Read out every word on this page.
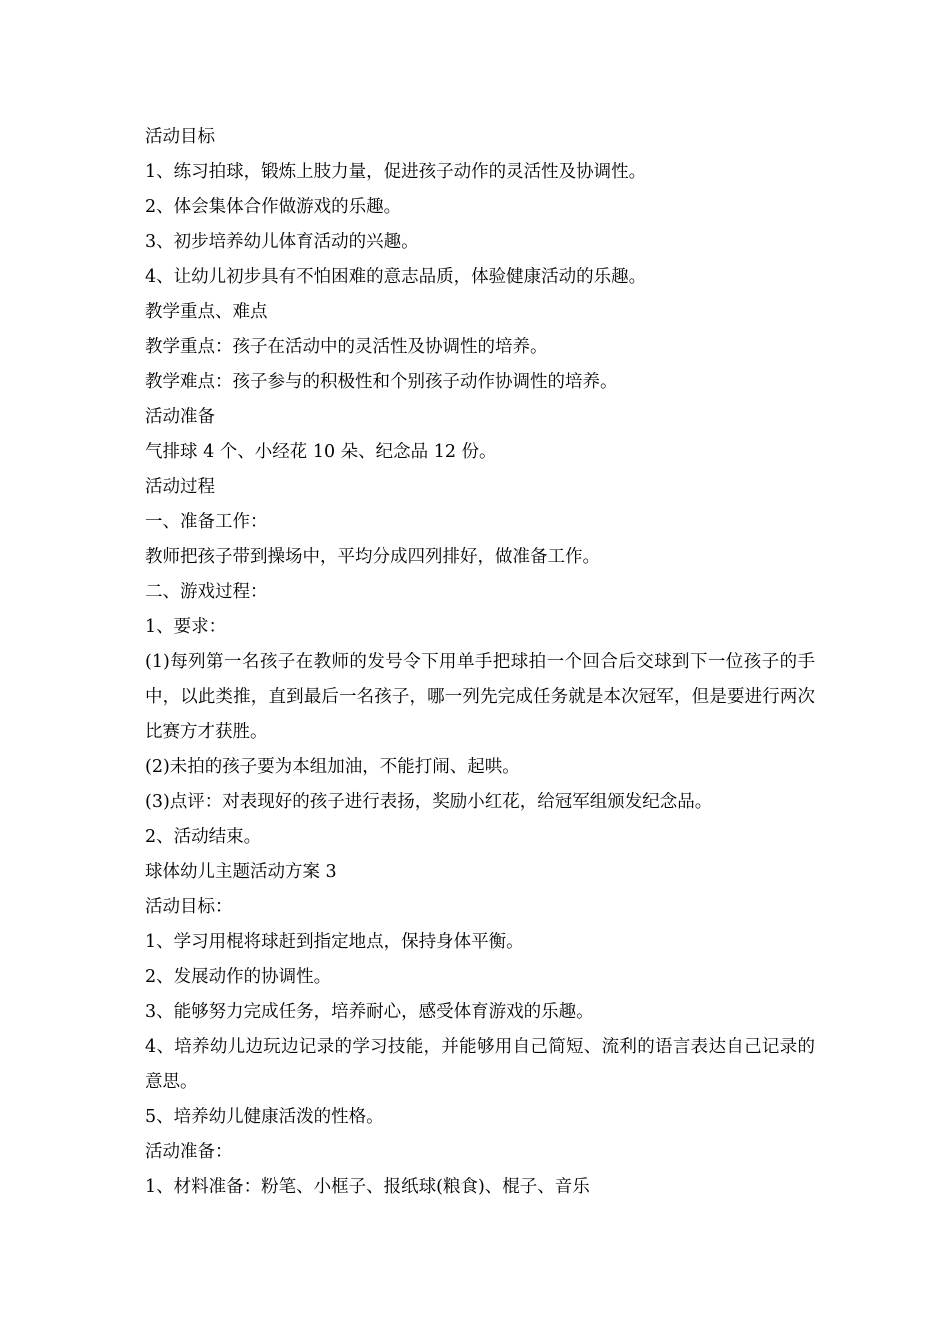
活动目标
1、练习拍球，锻炼上肢力量，促进孩子动作的灵活性及协调性。
2、体会集体合作做游戏的乐趣。
3、初步培养幼儿体育活动的兴趣。
4、让幼儿初步具有不怕困难的意志品质，体验健康活动的乐趣。
教学重点、难点
教学重点：孩子在活动中的灵活性及协调性的培养。
教学难点：孩子参与的积极性和个别孩子动作协调性的培养。
活动准备
气排球 4 个、小经花 10 朵、纪念品 12 份。
活动过程
一、准备工作：
教师把孩子带到操场中，平均分成四列排好，做准备工作。
二、游戏过程：
1、要求：
(1)每列第一名孩子在教师的发号令下用单手把球拍一个回合后交球到下一位孩子的手中，以此类推，直到最后一名孩子，哪一列先完成任务就是本次冠军，但是要进行两次比赛方才获胜。
(2)未拍的孩子要为本组加油，不能打闹、起哄。
(3)点评：对表现好的孩子进行表扬，奖励小红花，给冠军组颁发纪念品。
2、活动结束。
球体幼儿主题活动方案 3
活动目标：
1、学习用棍将球赶到指定地点，保持身体平衡。
2、发展动作的协调性。
3、能够努力完成任务，培养耐心，感受体育游戏的乐趣。
4、培养幼儿边玩边记录的学习技能，并能够用自己简短、流利的语言表达自己记录的意思。
5、培养幼儿健康活泼的性格。
活动准备：
1、材料准备：粉笔、小框子、报纸球(粮食)、棍子、音乐
